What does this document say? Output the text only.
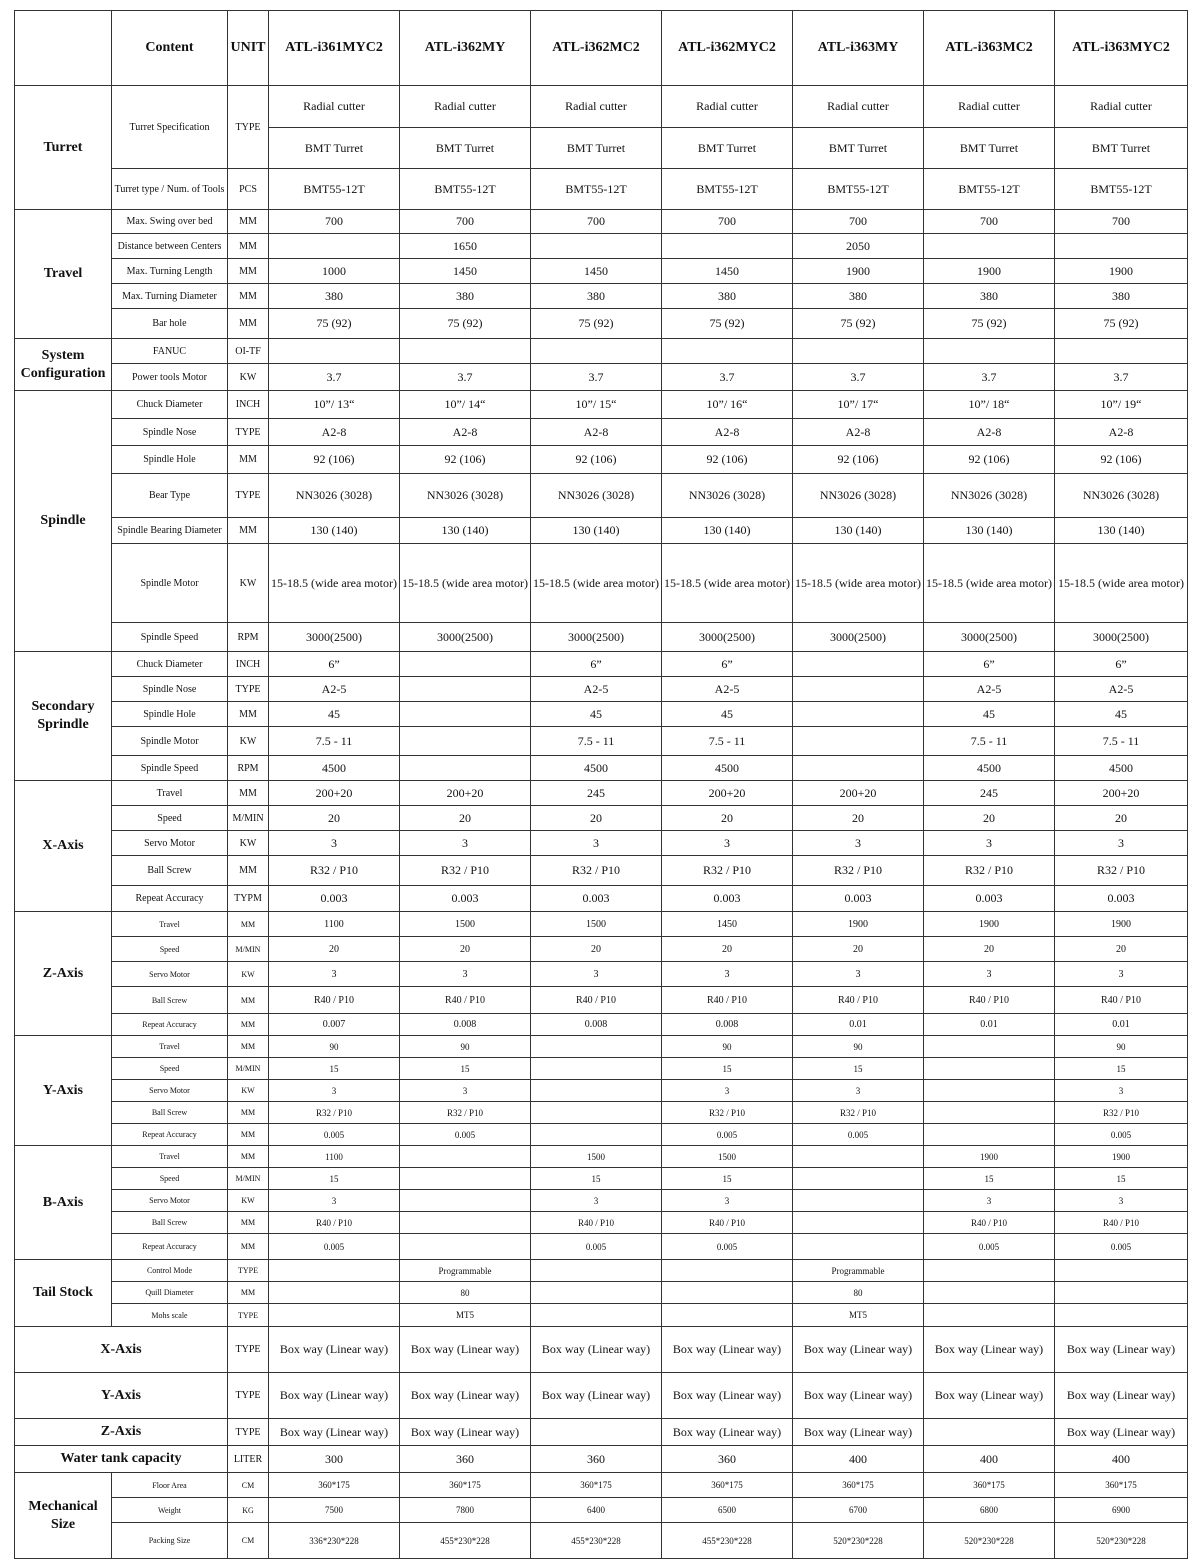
	Content	UNIT	ATL-i361MYC2	ATL-i362MY	ATL-i362MC2	ATL-i362MYC2	ATL-i363MY	ATL-i363MC2	ATL-i363MYC2
Turret	Turret Specification	TYPE	Radial cutter	Radial cutter	Radial cutter	Radial cutter	Radial cutter	Radial cutter	Radial cutter
			BMT Turret	BMT Turret	BMT Turret	BMT Turret	BMT Turret	BMT Turret	BMT Turret
	Turret type / Num. of Tools	PCS	BMT55-12T	BMT55-12T	BMT55-12T	BMT55-12T	BMT55-12T	BMT55-12T	BMT55-12T
Travel	Max. Swing over bed	MM	700	700	700	700	700	700	700
	Distance between Centers	MM		1650			2050		
	Max. Turning Length	MM	1000	1450	1450	1450	1900	1900	1900
	Max. Turning Diameter	MM	380	380	380	380	380	380	380
	Bar hole	MM	75 (92)	75 (92)	75 (92)	75 (92)	75 (92)	75 (92)	75 (92)
System Configuration	FANUC	OI-TF							
	Power tools Motor	KW	3.7	3.7	3.7	3.7	3.7	3.7	3.7
Spindle	Chuck Diameter	INCH	10”/ 13“	10”/ 14“	10”/ 15“	10”/ 16“	10”/ 17“	10”/ 18“	10”/ 19“
	Spindle Nose	TYPE	A2-8	A2-8	A2-8	A2-8	A2-8	A2-8	A2-8
	Spindle Hole	MM	92 (106)	92 (106)	92 (106)	92 (106)	92 (106)	92 (106)	92 (106)
	Bear Type	TYPE	NN3026 (3028)	NN3026 (3028)	NN3026 (3028)	NN3026 (3028)	NN3026 (3028)	NN3026 (3028)	NN3026 (3028)
	Spindle Bearing Diameter	MM	130 (140)	130 (140)	130 (140)	130 (140)	130 (140)	130 (140)	130 (140)
	Spindle Motor	KW	15-18.5 (wide area motor)	15-18.5 (wide area motor)	15-18.5 (wide area motor)	15-18.5 (wide area motor)	15-18.5 (wide area motor)	15-18.5 (wide area motor)	15-18.5 (wide area motor)
	Spindle Speed	RPM	3000(2500)	3000(2500)	3000(2500)	3000(2500)	3000(2500)	3000(2500)	3000(2500)
Secondary Sprindle	Chuck Diameter	INCH	6”		6”	6”		6”	6”
	Spindle Nose	TYPE	A2-5		A2-5	A2-5		A2-5	A2-5
	Spindle Hole	MM	45		45	45		45	45
	Spindle Motor	KW	7.5 - 11		7.5 - 11	7.5 - 11		7.5 - 11	7.5 - 11
	Spindle Speed	RPM	4500		4500	4500		4500	4500
X-Axis	Travel	MM	200+20	200+20	245	200+20	200+20	245	200+20
	Speed	M/MIN	20	20	20	20	20	20	20
	Servo Motor	KW	3	3	3	3	3	3	3
	Ball Screw	MM	R32 / P10	R32 / P10	R32 / P10	R32 / P10	R32 / P10	R32 / P10	R32 / P10
	Repeat Accuracy	TYPM	0.003	0.003	0.003	0.003	0.003	0.003	0.003
Z-Axis	Travel	MM	1100	1500	1500	1450	1900	1900	1900
	Speed	M/MIN	20	20	20	20	20	20	20
	Servo Motor	KW	3	3	3	3	3	3	3
	Ball Screw	MM	R40 / P10	R40 / P10	R40 / P10	R40 / P10	R40 / P10	R40 / P10	R40 / P10
	Repeat Accuracy	MM	0.007	0.008	0.008	0.008	0.01	0.01	0.01
Y-Axis	Travel	MM	90	90		90	90		90
	Speed	M/MIN	15	15		15	15		15
	Servo Motor	KW	3	3		3	3		3
	Ball Screw	MM	R32 / P10	R32 / P10		R32 / P10	R32 / P10		R32 / P10
	Repeat Accuracy	MM	0.005	0.005		0.005	0.005		0.005
B-Axis	Travel	MM	1100		1500	1500		1900	1900
	Speed	M/MIN	15		15	15		15	15
	Servo Motor	KW	3		3	3		3	3
	Ball Screw	MM	R40 / P10		R40 / P10	R40 / P10		R40 / P10	R40 / P10
	Repeat Accuracy	MM	0.005		0.005	0.005		0.005	0.005
Tail Stock	Control Mode	TYPE		Programmable			Programmable		
	Quill Diameter	MM		80			80		
	Mohs scale	TYPE		MT5			MT5		
X-Axis		TYPE	Box way (Linear way)	Box way (Linear way)	Box way (Linear way)	Box way (Linear way)	Box way (Linear way)	Box way (Linear way)	Box way (Linear way)
Y-Axis		TYPE	Box way (Linear way)	Box way (Linear way)	Box way (Linear way)	Box way (Linear way)	Box way (Linear way)	Box way (Linear way)	Box way (Linear way)
Z-Axis		TYPE	Box way (Linear way)	Box way (Linear way)		Box way (Linear way)	Box way (Linear way)		Box way (Linear way)
Water tank capacity		LITER	300	360	360	360	400	400	400
Mechanical Size	Floor Area	CM	360*175	360*175	360*175	360*175	360*175	360*175	360*175
	Weight	KG	7500	7800	6400	6500	6700	6800	6900
	Packing Size	CM	336*230*228	455*230*228	455*230*228	455*230*228	520*230*228	520*230*228	520*230*228
